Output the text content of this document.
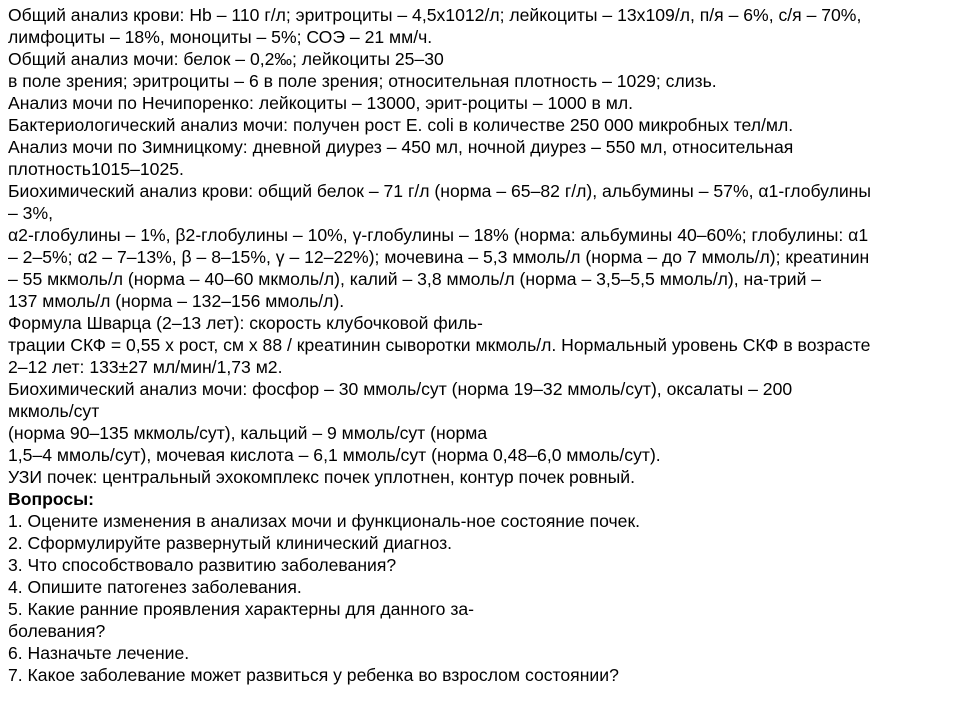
Общий анализ крови: Hb – 110 г/л; эритроциты – 4,5х1012/л; лейкоциты – 13х109/л, п/я – 6%, с/я – 70%,
лимфоциты – 18%, моноциты – 5%; СОЭ – 21 мм/ч.
Общий анализ мочи: белок – 0,2‰; лейкоциты 25–30
в поле зрения; эритроциты – 6 в поле зрения; относительная плотность – 1029; слизь.
Анализ мочи по Нечипоренко: лейкоциты – 13000, эрит-роциты – 1000 в мл.
Бактериологический анализ мочи: получен рост E. coli в количестве 250 000 микробных тел/мл.
Анализ мочи по Зимницкому: дневной диурез – 450 мл, ночной диурез – 550 мл, относительная
плотность1015–1025.
Биохимический анализ крови: общий белок – 71 г/л (норма – 65–82 г/л), альбумины – 57%, α1-глобулины
– 3%,
α2-глобулины – 1%, β2-глобулины – 10%, γ-глобулины – 18% (норма: альбумины 40–60%; глобулины: α1
– 2–5%; α2 – 7–13%, β – 8–15%, γ – 12–22%); мочевина – 5,3 ммоль/л (норма – до 7 ммоль/л); креатинин
– 55 мкмоль/л (норма – 40–60 мкмоль/л), калий – 3,8 ммоль/л (норма – 3,5–5,5 ммоль/л), на-трий –
137 ммоль/л (норма – 132–156 ммоль/л).
Формула Шварца (2–13 лет): скорость клубочковой филь-
трации СКФ = 0,55 х рост, см х 88 / креатинин сыворотки мкмоль/л. Нормальный уровень СКФ в возрасте
2–12 лет: 133±27 мл/мин/1,73 м2.
Биохимический анализ мочи: фосфор – 30 ммоль/сут (норма 19–32 ммоль/сут), оксалаты – 200
мкмоль/сут
(норма 90–135 мкмоль/сут), кальций – 9 ммоль/сут (норма
1,5–4 ммоль/сут), мочевая кислота – 6,1 ммоль/сут (норма 0,48–6,0 ммоль/сут).
УЗИ почек: центральный эхокомплекс почек уплотнен, контур почек ровный.
Вопросы:
1. Оцените изменения в анализах мочи и функциональ-ное состояние почек.
2. Сформулируйте развернутый клинический диагноз.
3. Что способствовало развитию заболевания?
4. Опишите патогенез заболевания.
5. Какие ранние проявления характерны для данного за-
болевания?
6. Назначьте лечение.
7. Какое заболевание может развиться у ребенка во взрослом состоянии?
